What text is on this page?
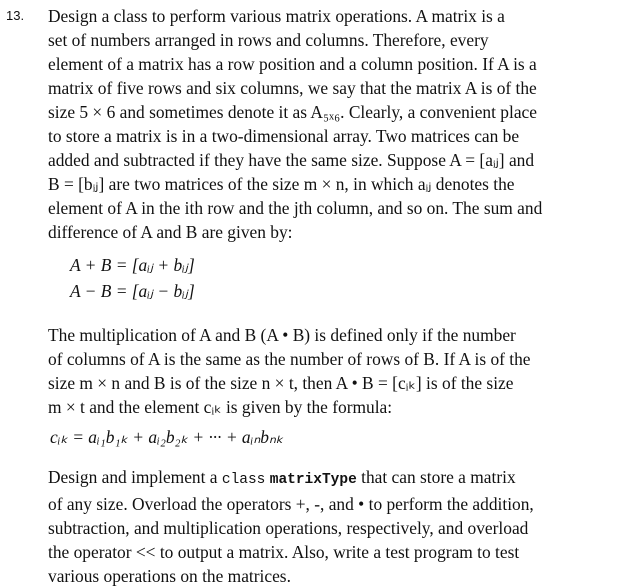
13. Design a class to perform various matrix operations. A matrix is a
set of numbers arranged in rows and columns. Therefore, every
element of a matrix has a row position and a column position. If A is a
matrix of five rows and six columns, we say that the matrix A is of the
size 5 × 6 and sometimes denote it as A₅ₓ₆. Clearly, a convenient place
to store a matrix is in a two-dimensional array. Two matrices can be
added and subtracted if they have the same size. Suppose A = [aᵢⱼ] and
B = [bᵢⱼ] are two matrices of the size m × n, in which aᵢⱼ denotes the
element of A in the ith row and the jth column, and so on. The sum and
difference of A and B are given by:
A + B = [aᵢⱼ + bᵢⱼ]
A − B = [aᵢⱼ − bᵢⱼ]
The multiplication of A and B (A • B) is defined only if the number
of columns of A is the same as the number of rows of B. If A is of the
size m × n and B is of the size n × t, then A • B = [cᵢₖ] is of the size
m × t and the element cᵢₖ is given by the formula:
cᵢₖ = aᵢ₁b₁ₖ + aᵢ₂b₂ₖ + ··· + aᵢₙbₙₖ
Design and implement a class matrixType that can store a matrix
of any size. Overload the operators +, -, and • to perform the addition,
subtraction, and multiplication operations, respectively, and overload
the operator << to output a matrix. Also, write a test program to test
various operations on the matrices.
